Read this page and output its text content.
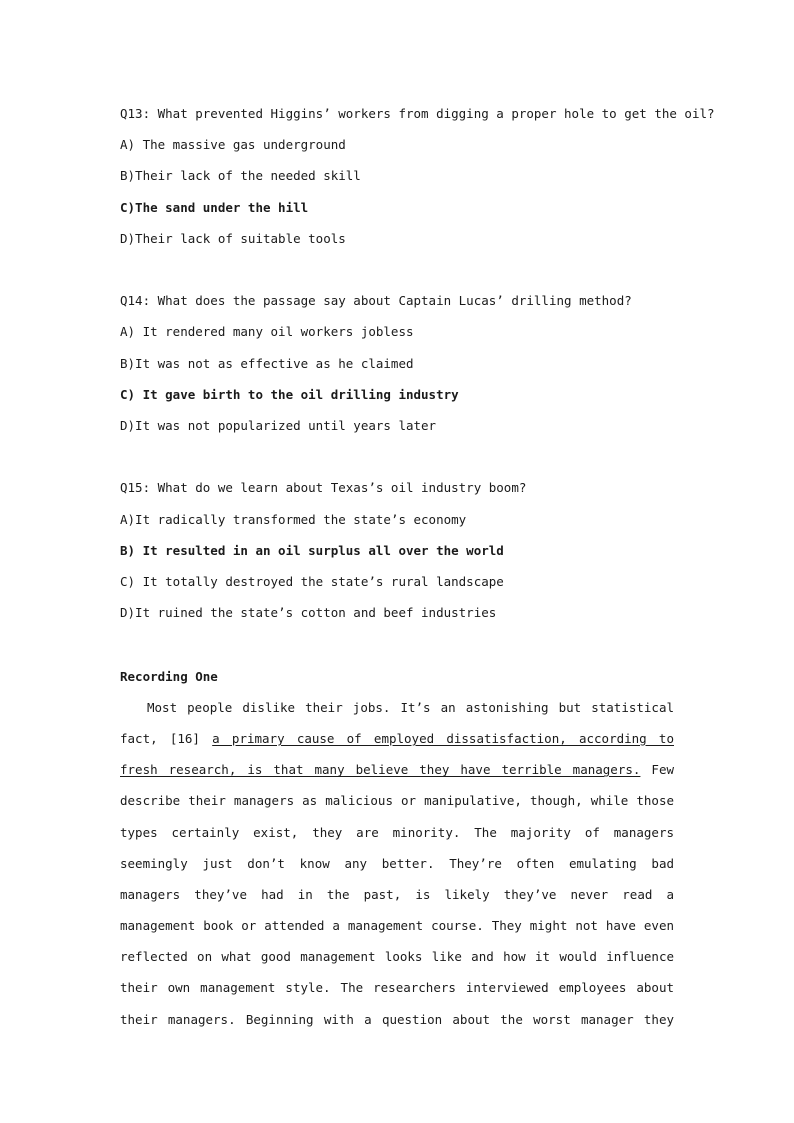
Q13: What prevented Higgins’ workers from digging a proper hole to get the oil?
A) The massive gas underground
B)Their lack of the needed skill
C)The sand under the hill
D)Their lack of suitable tools
Q14: What does the passage say about Captain Lucas’ drilling method?
A) It rendered many oil workers jobless
B)It was not as effective as he claimed
C) It gave birth to the oil drilling industry
D)It was not popularized until years later
Q15: What do we learn about Texas’s oil industry boom?
A)It radically transformed the state’s economy
B) It resulted in an oil surplus all over the world
C) It totally destroyed the state’s rural landscape
D)It ruined the state’s cotton and beef industries
Recording One
Most people dislike their jobs. It’s an astonishing but statistical
fact, [16] a primary cause of employed dissatisfaction, according to
fresh research, is that many believe they have terrible managers. Few
describe their managers as malicious or manipulative, though, while those
types certainly exist, they are minority. The majority of managers
seemingly just don’t know any better. They’re often emulating bad
managers they’ve had in the past, is likely they’ve never read a
management book or attended a management course. They might not have even
reflected on what good management looks like and how it would influence
their own management style. The researchers interviewed employees about
their managers. Beginning with a question about the worst manager they
